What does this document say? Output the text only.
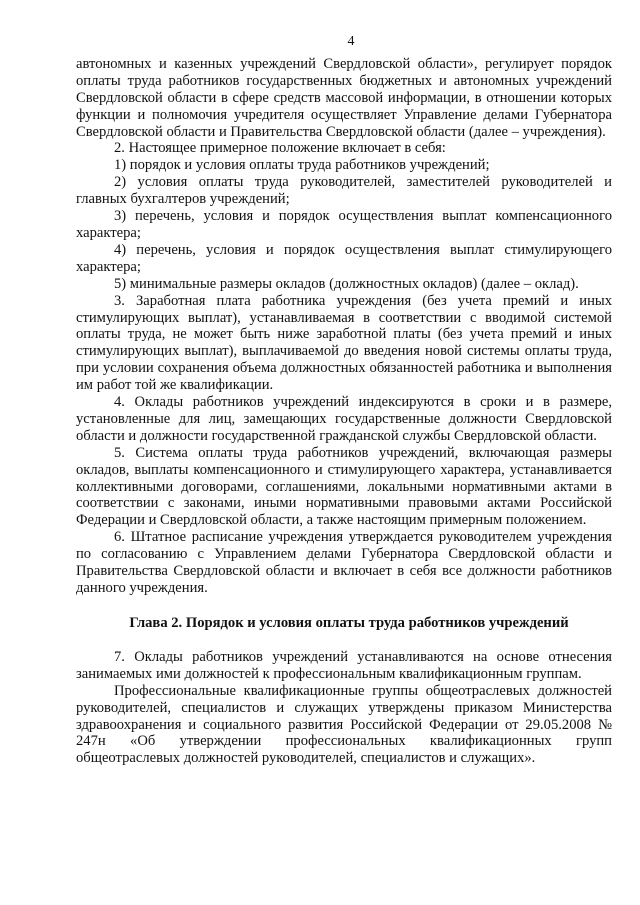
4

автономных и казенных учреждений Свердловской области», регулирует порядок оплаты труда работников государственных бюджетных и автономных учреждений Свердловской области в сфере средств массовой информации, в отношении которых функции и полномочия учредителя осуществляет Управление делами Губернатора Свердловской области и Правительства Свердловской области (далее – учреждения).

2. Настоящее примерное положение включает в себя:

1) порядок и условия оплаты труда работников учреждений;

2) условия оплаты труда руководителей, заместителей руководителей и главных бухгалтеров учреждений;

3) перечень, условия и порядок осуществления выплат компенсационного характера;

4) перечень, условия и порядок осуществления выплат стимулирующего характера;

5) минимальные размеры окладов (должностных окладов) (далее – оклад).

3. Заработная плата работника учреждения (без учета премий и иных стимулирующих выплат), устанавливаемая в соответствии с вводимой системой оплаты труда, не может быть ниже заработной платы (без учета премий и иных стимулирующих выплат), выплачиваемой до введения новой системы оплаты труда, при условии сохранения объема должностных обязанностей работника и выполнения им работ той же квалификации.

4. Оклады работников учреждений индексируются в сроки и в размере, установленные для лиц, замещающих государственные должности Свердловской области и должности государственной гражданской службы Свердловской области.

5. Система оплаты труда работников учреждений, включающая размеры окладов, выплаты компенсационного и стимулирующего характера, устанавливается коллективными договорами, соглашениями, локальными нормативными актами в соответствии с законами, иными нормативными правовыми актами Российской Федерации и Свердловской области, а также настоящим примерным положением.

6. Штатное расписание учреждения утверждается руководителем учреждения по согласованию с Управлением делами Губернатора Свердловской области и Правительства Свердловской области и включает в себя все должности работников данного учреждения.

Глава 2. Порядок и условия оплаты труда работников учреждений

7. Оклады работников учреждений устанавливаются на основе отнесения занимаемых ими должностей к профессиональным квалификационным группам.

Профессиональные квалификационные группы общеотраслевых должностей руководителей, специалистов и служащих утверждены приказом Министерства здравоохранения и социального развития Российской Федерации от 29.05.2008 № 247н «Об утверждении профессиональных квалификационных групп общеотраслевых должностей руководителей, специалистов и служащих».
